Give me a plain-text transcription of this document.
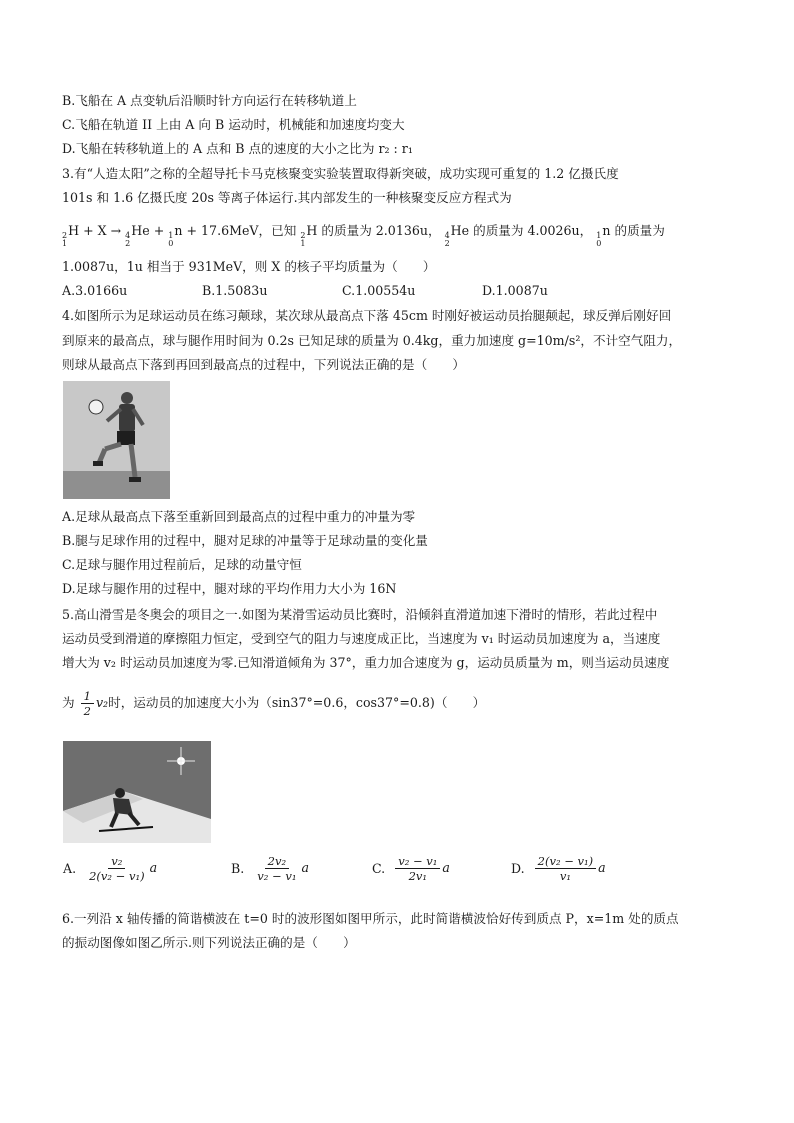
B.飞船在 A 点变轨后沿顺时针方向运行在转移轨道上
C.飞船在轨道 II 上由 A 向 B 运动时，机械能和加速度均变大
D.飞船在转移轨道上的 A 点和 B 点的速度的大小之比为 r₂ : r₁
3.有“人造太阳”之称的全超导托卡马克核聚变实验装置取得新突破，成功实现可重复的 1.2 亿摄氏度
101s 和 1.6 亿摄氏度 20s 等离子体运行.其内部发生的一种核聚变反应方程式为
2
1
H + X → 4
2
He + 1
0
n + 17.6MeV，已知 2
1
H 的质量为 2.0136u， 4
2
He 的质量为 4.0026u， 1
0
n 的质量为
1.0087u，1u 相当于 931MeV，则 X 的核子平均质量为（　　）
A.3.0166u	B.1.5083u	C.1.00554u	D.1.0087u
4.如图所示为足球运动员在练习颠球，某次球从最高点下落 45cm 时刚好被运动员抬腿颠起，球反弹后刚好回
到原来的最高点，球与腿作用时间为 0.2s 已知足球的质量为 0.4kg，重力加速度 g=10m/s²，不计空气阻力，
则球从最高点下落到再回到最高点的过程中，下列说法正确的是（　　）
A.足球从最高点下落至重新回到最高点的过程中重力的冲量为零
B.腿与足球作用的过程中，腿对足球的冲量等于足球动量的变化量
C.足球与腿作用过程前后，足球的动量守恒
D.足球与腿作用的过程中，腿对球的平均作用力大小为 16N
5.高山滑雪是冬奥会的项目之一.如图为某滑雪运动员比赛时，沿倾斜直滑道加速下滑时的情形，若此过程中
运动员受到滑道的摩擦阻力恒定，受到空气的阻力与速度成正比，当速度为 v₁ 时运动员加速度为 a，当速度
增大为 v₂ 时运动员加速度为零.已知滑道倾角为 37°，重力加合速度为 g，运动员质量为 m，则当运动员速度
为 $\frac{1}{2} v_2$时，运动员的加速度大小为（sin37°=0.6，cos37°=0.8)（　　）
A. $\frac{\text{v₂}}{\text{2(v₂ − v₁)}}$ a	B. $\frac{\text{2v₂}}{\text{v₂ − v₁}}$ a	C. $\frac{\text{v₂ − v₁}}{\text{2v₁}}$ a	D. $\frac{\text{2(v₂ − v₁)}}{\text{v₁}}$ a
6.一列沿 x 轴传播的简谐横波在 t=0 时的波形图如图甲所示，此时简谐横波恰好传到质点 P，x=1m 处的质点
的振动图像如图乙所示.则下列说法正确的是（　　）
